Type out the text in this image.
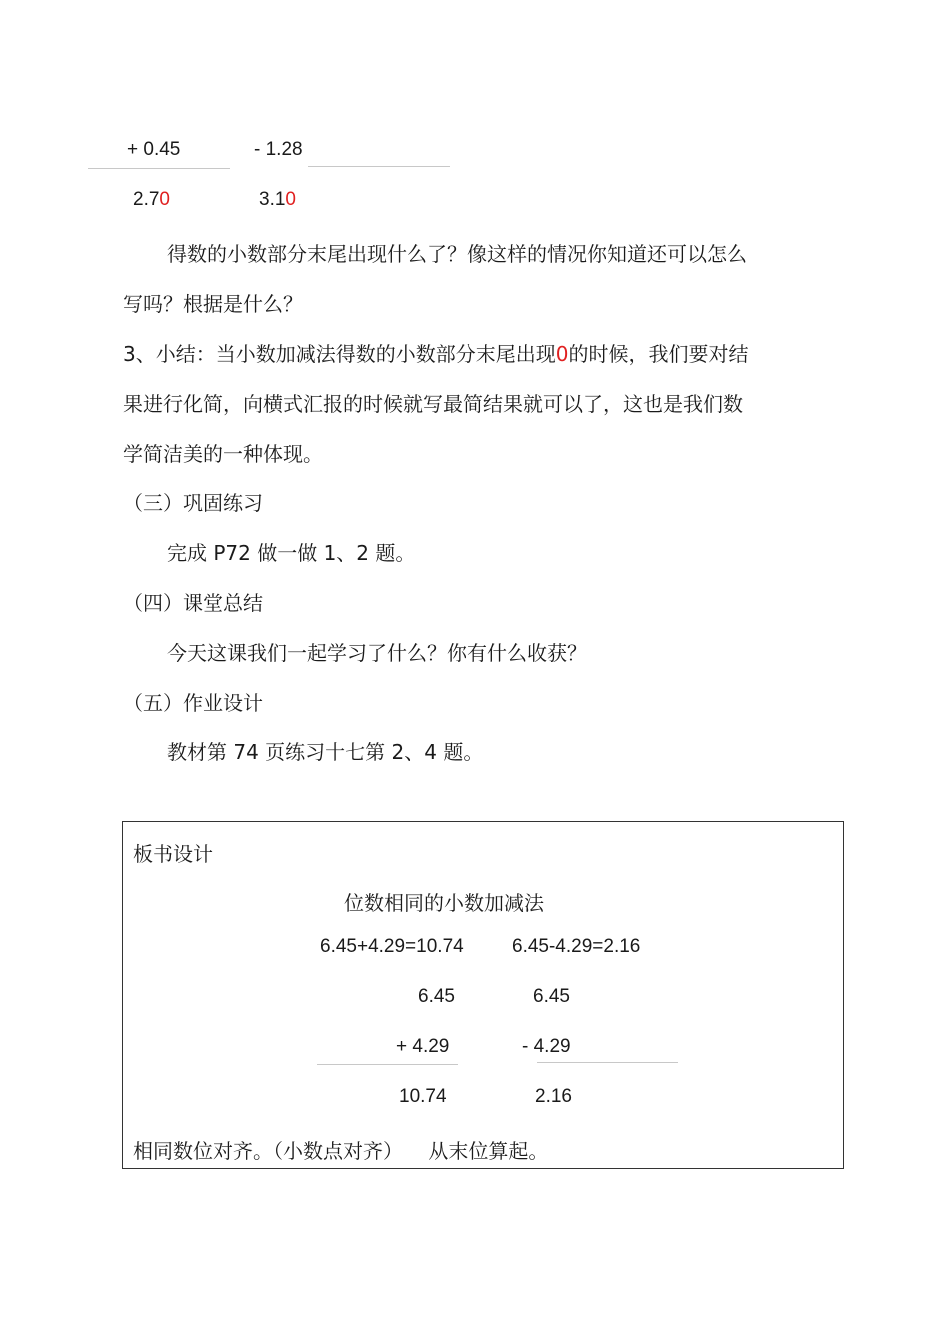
+ 0.45	- 1.28
2.70	3.10
得数的小数部分末尾出现什么了？像这样的情况你知道还可以怎么
写吗？根据是什么？
3、小结：当小数加减法得数的小数部分末尾出现0的时候，我们要对结
果进行化简，向横式汇报的时候就写最简结果就可以了，这也是我们数
学简洁美的一种体现。
（三）巩固练习
完成 P72 做一做 1、2 题。
（四）课堂总结
今天这课我们一起学习了什么？你有什么收获？
（五）作业设计
教材第 74 页练习十七第 2、4 题。
板书设计
位数相同的小数加减法
6.45+4.29=10.74	6.45-4.29=2.16
6.45	6.45
+ 4.29	- 4.29
10.74	2.16
相同数位对齐。（小数点对齐）    从末位算起。
